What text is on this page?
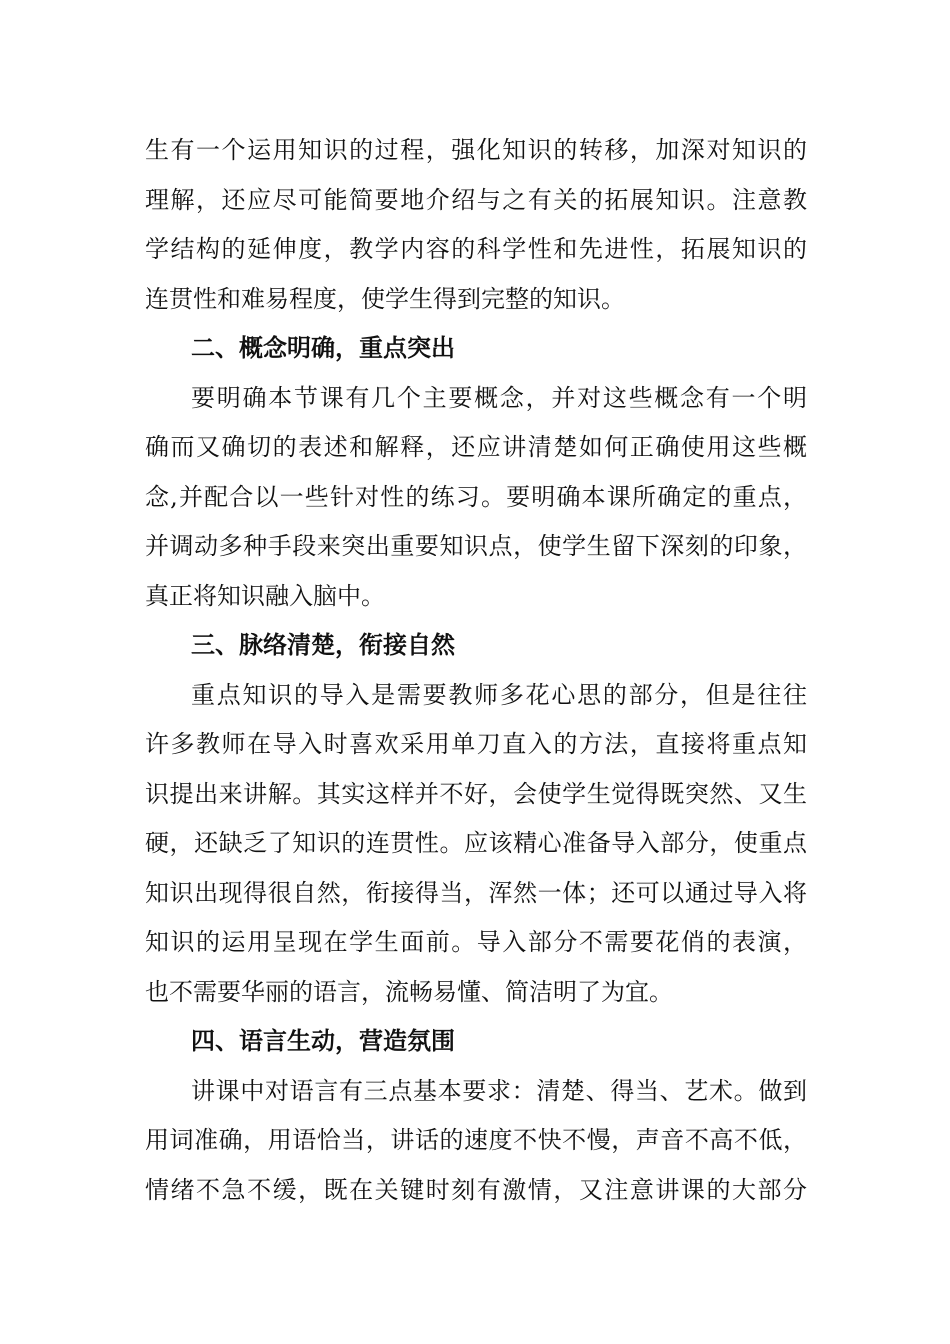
生有一个运用知识的过程，强化知识的转移，加深对知识的
理解，还应尽可能简要地介绍与之有关的拓展知识。注意教
学结构的延伸度，教学内容的科学性和先进性，拓展知识的
连贯性和难易程度，使学生得到完整的知识。
二、概念明确，重点突出
要明确本节课有几个主要概念，并对这些概念有一个明
确而又确切的表述和解释，还应讲清楚如何正确使用这些概
念,并配合以一些针对性的练习。要明确本课所确定的重点，
并调动多种手段来突出重要知识点，使学生留下深刻的印象，
真正将知识融入脑中。
三、脉络清楚，衔接自然
重点知识的导入是需要教师多花心思的部分，但是往往
许多教师在导入时喜欢采用单刀直入的方法，直接将重点知
识提出来讲解。其实这样并不好，会使学生觉得既突然、又生
硬，还缺乏了知识的连贯性。应该精心准备导入部分，使重点
知识出现得很自然，衔接得当，浑然一体；还可以通过导入将
知识的运用呈现在学生面前。导入部分不需要花俏的表演，
也不需要华丽的语言，流畅易懂、简洁明了为宜。
四、语言生动，营造氛围
讲课中对语言有三点基本要求：清楚、得当、艺术。做到
用词准确，用语恰当，讲话的速度不快不慢，声音不高不低，
情绪不急不缓，既在关键时刻有激情，又注意讲课的大部分
